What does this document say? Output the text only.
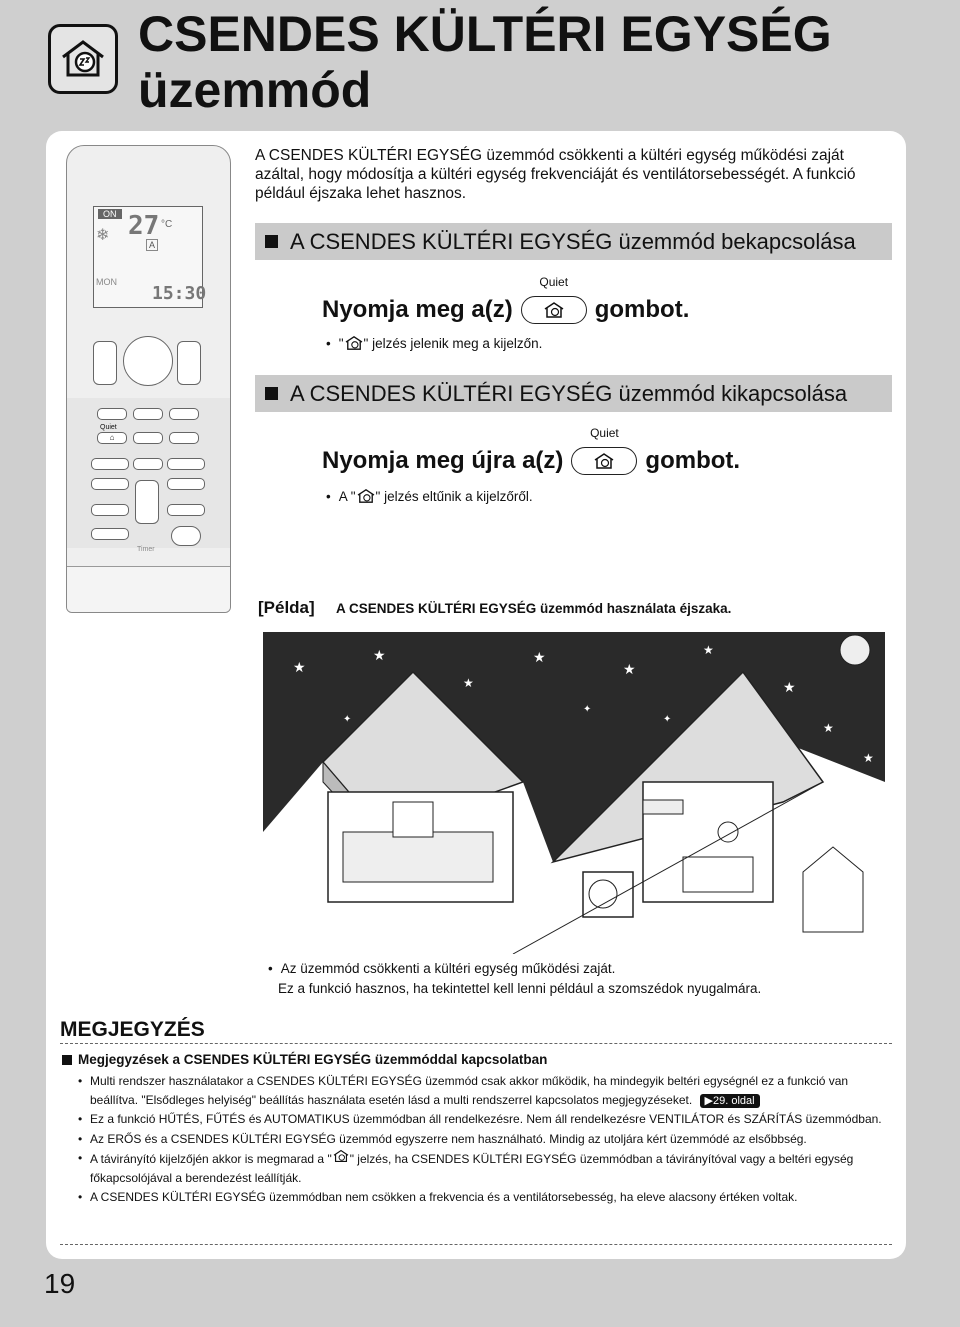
CSENDES KÜLTÉRI EGYSÉG
üzemmód
ON 27 °C
❄
A
MON
15:30
Quiet
⌂
Timer

A CSENDES KÜLTÉRI EGYSÉG üzemmód csökkenti a kültéri egység működési zaját azáltal, hogy módosítja a kültéri egység frekvenciáját és ventilátorsebességét. A funkció például éjszaka lehet hasznos.

A CSENDES KÜLTÉRI EGYSÉG üzemmód bekapcsolása
Nyomja meg a(z)
Quiet
gombot.
• " " jelzés jelenik meg a kijelzőn.
A CSENDES KÜLTÉRI EGYSÉG üzemmód kikapcsolása
Nyomja meg újra a(z)
Quiet
gombot.
• A " " jelzés eltűnik a kijelzőről.
[Példa] A CSENDES KÜLTÉRI EGYSÉG üzemmód használata éjszaka.
★
★
★
★
★
★
★
★
★
✦
✦
✦
• Az üzemmód csökkenti a kültéri egység működési zaját.
Ez a funkció hasznos, ha tekintettel kell lenni például a szomszédok nyugalmára.
MEGJEGYZÉS
Megjegyzések a CSENDES KÜLTÉRI EGYSÉG üzemmóddal kapcsolatban
• Multi rendszer használatakor a CSENDES KÜLTÉRI EGYSÉG üzemmód csak akkor működik, ha mindegyik beltéri egységnél ez a funkció van beállítva. "Elsődleges helyiség" beállítás használata esetén lásd a multi rendszerrel kapcsolatos megjegyzéseket. ▶29. oldal
• Ez a funkció HŰTÉS, FŰTÉS és AUTOMATIKUS üzemmódban áll rendelkezésre. Nem áll rendelkezésre VENTILÁTOR és SZÁRÍTÁS üzemmódban.
• Az ERŐS és a CSENDES KÜLTÉRI EGYSÉG üzemmód egyszerre nem használható. Mindig az utoljára kért üzemmódé az elsőbbség.
• A távirányító kijelzőjén akkor is megmarad a " " jelzés, ha CSENDES KÜLTÉRI EGYSÉG üzemmódban a távirányítóval vagy a beltéri egység főkapcsolójával a berendezést leállítják.
• A CSENDES KÜLTÉRI EGYSÉG üzemmódban nem csökken a frekvencia és a ventilátorsebesség, ha eleve alacsony értéken voltak.
19
